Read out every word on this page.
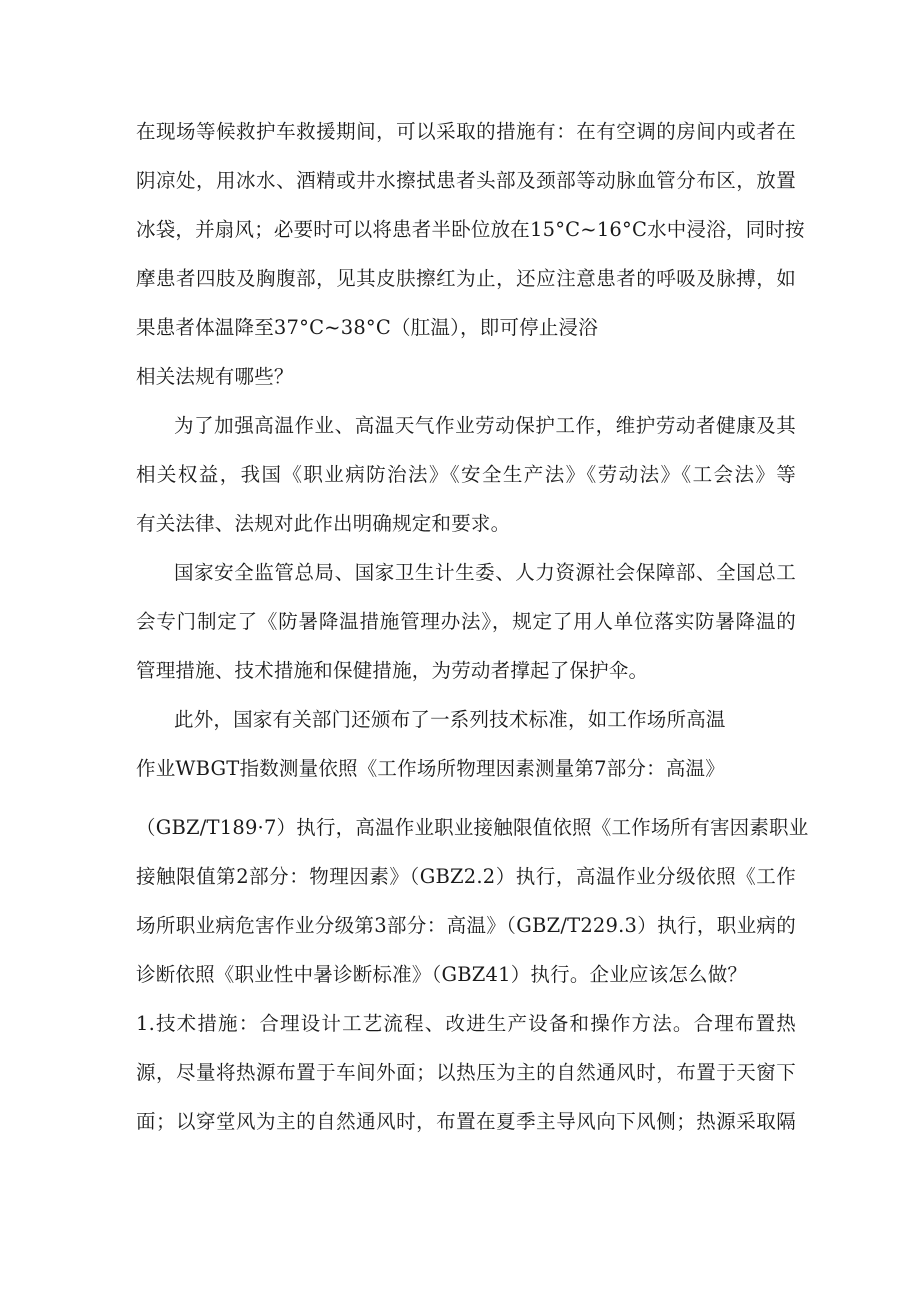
在现场等候救护车救援期间，可以采取的措施有：在有空调的房间内或者在
阴凉处，用冰水、酒精或井水擦拭患者头部及颈部等动脉血管分布区，放置
冰袋，并扇风；必要时可以将患者半卧位放在15°C~16°C水中浸浴，同时按
摩患者四肢及胸腹部，见其皮肤擦红为止，还应注意患者的呼吸及脉搏，如
果患者体温降至37°C~38°C（肛温），即可停止浸浴
相关法规有哪些？
为了加强高温作业、高温天气作业劳动保护工作，维护劳动者健康及其
相关权益，我国《职业病防治法》《安全生产法》《劳动法》《工会法》等
有关法律、法规对此作出明确规定和要求。
国家安全监管总局、国家卫生计生委、人力资源社会保障部、全国总工
会专门制定了《防暑降温措施管理办法》，规定了用人单位落实防暑降温的
管理措施、技术措施和保健措施，为劳动者撑起了保护伞。
此外，国家有关部门还颁布了一系列技术标准，如工作场所高温
作业WBGT指数测量依照《工作场所物理因素测量第7部分：高温》
（GBZ/T189·7）执行，高温作业职业接触限值依照《工作场所有害因素职业
接触限值第2部分：物理因素》（GBZ2.2）执行，高温作业分级依照《工作
场所职业病危害作业分级第3部分：高温》（GBZ/T229.3）执行，职业病的
诊断依照《职业性中暑诊断标准》（GBZ41）执行。企业应该怎么做？
1.技术措施：合理设计工艺流程、改进生产设备和操作方法。合理布置热
源，尽量将热源布置于车间外面；以热压为主的自然通风时，布置于天窗下
面；以穿堂风为主的自然通风时，布置在夏季主导风向下风侧；热源采取隔
